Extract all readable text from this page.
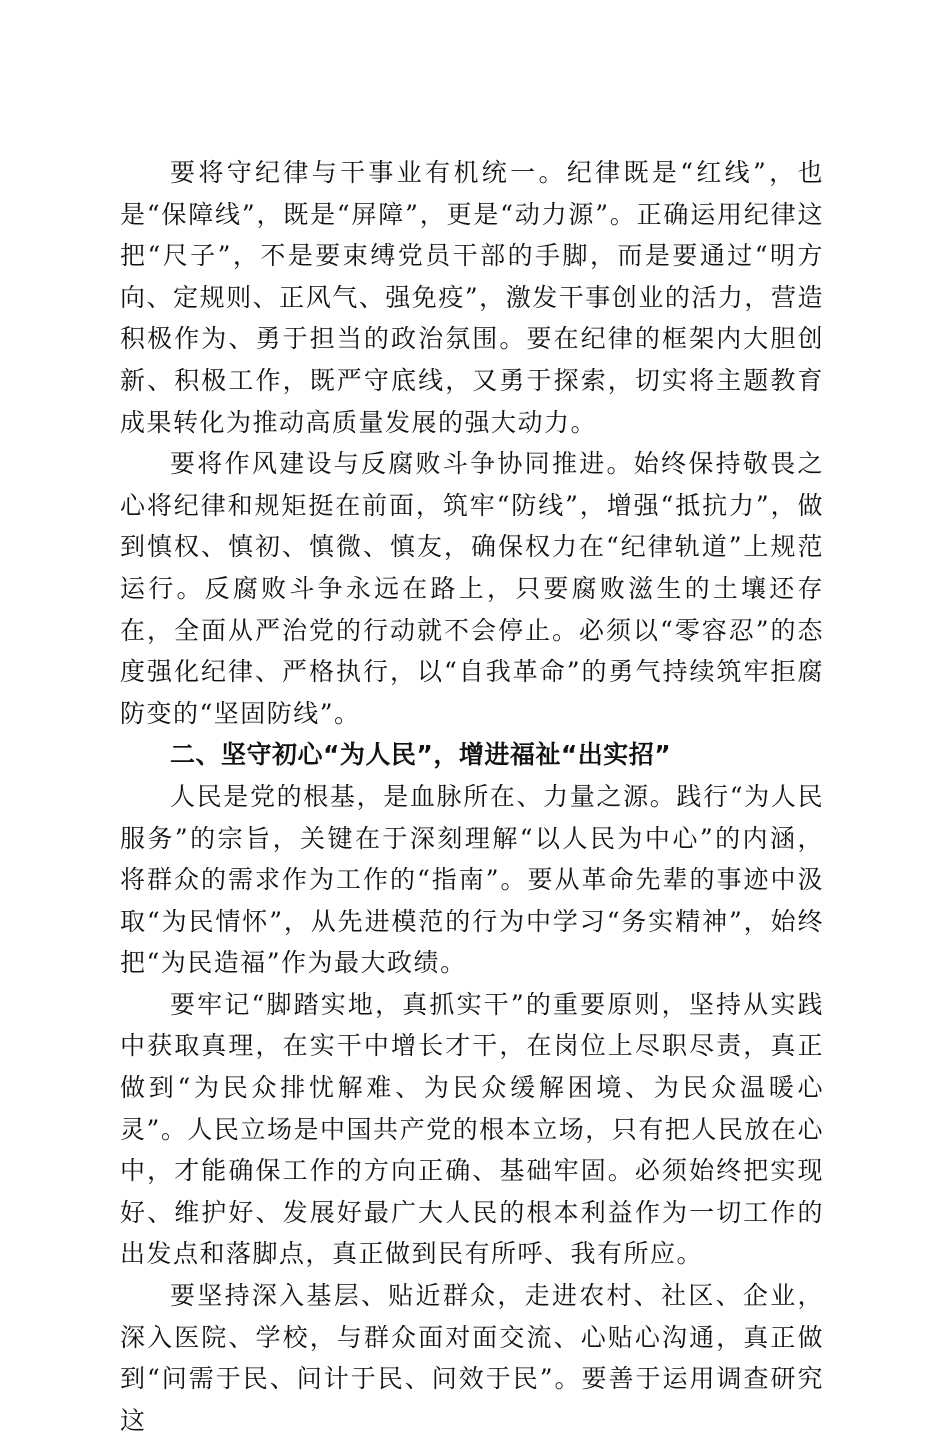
要将守纪律与干事业有机统一。纪律既是“红线”，也是“保障线”，既是“屏障”，更是“动力源”。正确运用纪律这把“尺子”，不是要束缚党员干部的手脚，而是要通过“明方向、定规则、正风气、强免疫”，激发干事创业的活力，营造积极作为、勇于担当的政治氛围。要在纪律的框架内大胆创新、积极工作，既严守底线，又勇于探索，切实将主题教育成果转化为推动高质量发展的强大动力。

要将作风建设与反腐败斗争协同推进。始终保持敬畏之心将纪律和规矩挺在前面，筑牢“防线”，增强“抵抗力”，做到慎权、慎初、慎微、慎友，确保权力在“纪律轨道”上规范运行。反腐败斗争永远在路上，只要腐败滋生的土壤还存在，全面从严治党的行动就不会停止。必须以“零容忍”的态度强化纪律、严格执行，以“自我革命”的勇气持续筑牢拒腐防变的“坚固防线”。

二、坚守初心“为人民”，增进福祉“出实招”

人民是党的根基，是血脉所在、力量之源。践行“为人民服务”的宗旨，关键在于深刻理解“以人民为中心”的内涵，将群众的需求作为工作的“指南”。要从革命先辈的事迹中汲取“为民情怀”，从先进模范的行为中学习“务实精神”，始终把“为民造福”作为最大政绩。

要牢记“脚踏实地，真抓实干”的重要原则，坚持从实践中获取真理，在实干中增长才干，在岗位上尽职尽责，真正做到“为民众排忧解难、为民众缓解困境、为民众温暖心灵”。人民立场是中国共产党的根本立场，只有把人民放在心中，才能确保工作的方向正确、基础牢固。必须始终把实现好、维护好、发展好最广大人民的根本利益作为一切工作的出发点和落脚点，真正做到民有所呼、我有所应。

要坚持深入基层、贴近群众，走进农村、社区、企业，深入医院、学校，与群众面对面交流、心贴心沟通，真正做到“问需于民、问计于民、问效于民”。要善于运用调查研究这
